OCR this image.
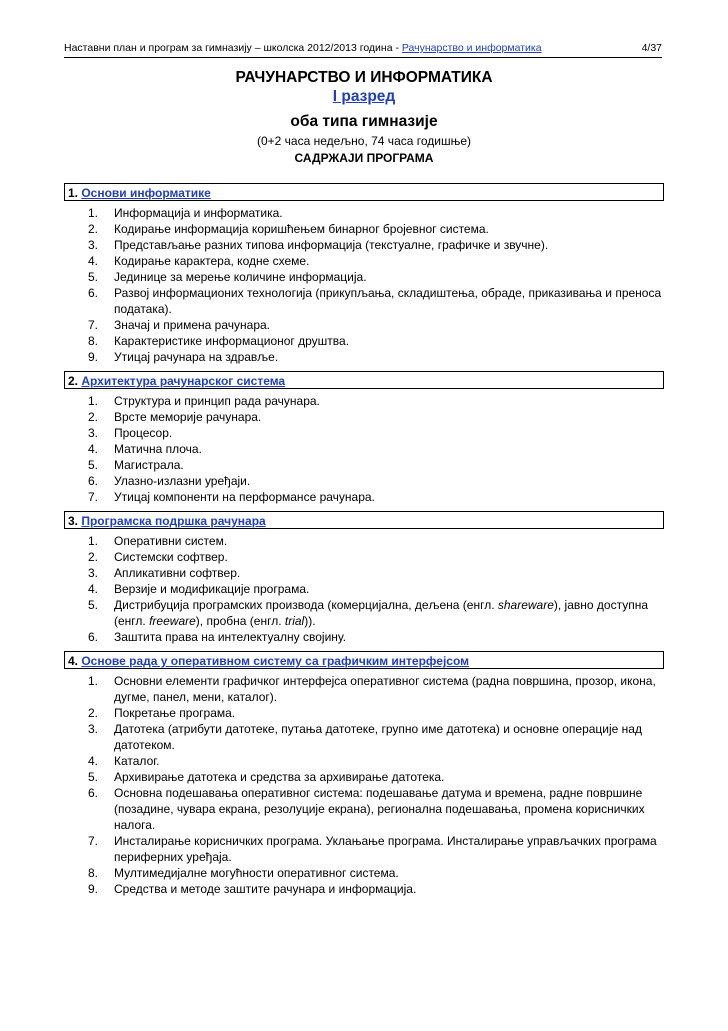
Наставни план и програм за гимназију – школска 2012/2013 година - Рачунарство и информатика	4/37
РАЧУНАРСТВО И ИНФОРМАТИКА
I разред
оба типа гимназије
(0+2 часа недељно, 74 часа годишње)
САДРЖАЈИ ПРОГРАМА
1. Основи информатике
1.	Информација и информатика.
2.	Кодирање информација коришћењем бинарног бројевног система.
3.	Представљање разних типова информација (текстуалне, графичке и звучне).
4.	Кодирање карактера, кодне схеме.
5.	Јединице за мерење количине информација.
6.	Развој информационих технологија (прикупљања, складиштења, обраде, приказивања и преноса података).
7.	Значај и примена рачунара.
8.	Карактеристике информационог друштва.
9.	Утицај рачунара на здравље.
2. Архитектура рачунарског система
1.	Структура и принцип рада рачунара.
2.	Врсте меморије рачунара.
3.	Процесор.
4.	Матична плоча.
5.	Магистрала.
6.	Улазно-излазни уређаји.
7.	Утицај компоненти на перформансе рачунара.
3. Програмска подршка рачунара
1.	Оперативни систем.
2.	Системски софтвер.
3.	Апликативни софтвер.
4.	Верзије и модификације програма.
5.	Дистрибуција програмских производа (комерцијална, дељена (енгл. shareware), јавно доступна (енгл. freeware), пробна (енгл. trial)).
6.	Заштита права на интелектуалну својину.
4. Основе рада у оперативном систему са графичким интерфејсом
1.	Основни елементи графичког интерфејса оперативног система (радна површина, прозор, икона, дугме, панел, мени, каталог).
2.	Покретање програма.
3.	Датотека (атрибути датотеке, путања датотеке, групно име датотека) и основне операције над датотеком.
4.	Каталог.
5.	Архивирање датотека и средства за архивирање датотека.
6.	Основна подешавања оперативног система: подешавање датума и времена, радне површине (позадине, чувара екрана, резолуције екрана), регионална подешавања, промена корисничких налога.
7.	Инсталирање корисничких програма. Уклањање програма. Инсталирање управљачких програма периферних уређаја.
8.	Мултимедијалне могућности оперативног система.
9.	Средства и методе заштите рачунара и информација.
